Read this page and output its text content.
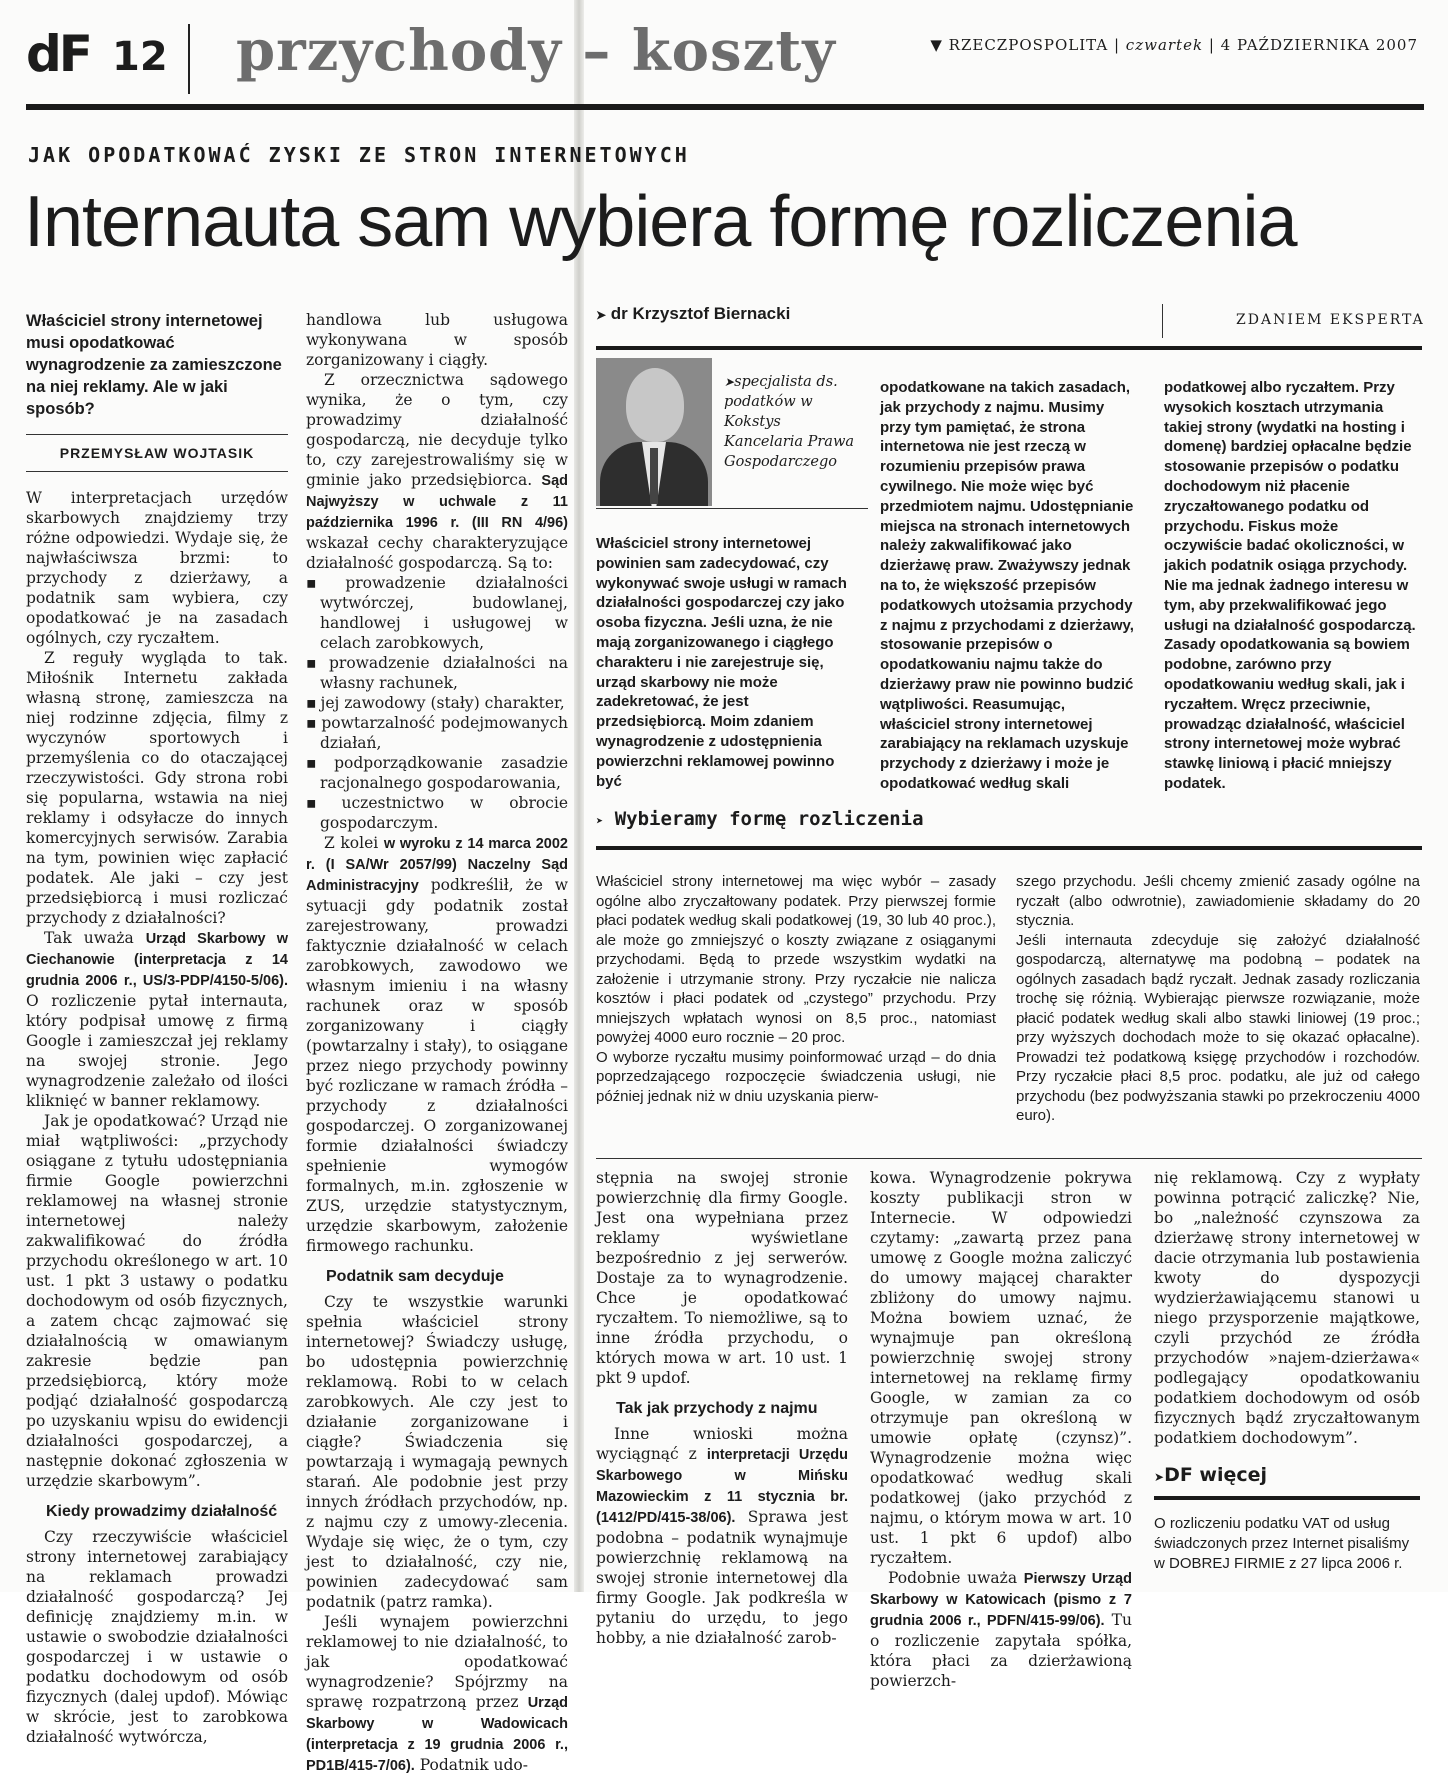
dF 12 przychody – koszty	▼ RZECZPOSPOLITA | czwartek | 4 PAŹDZIERNIKA 2007
JAK OPODATKOWAĆ ZYSKI ZE STRON INTERNETOWYCH
Internauta sam wybiera formę rozliczenia
Właściciel strony internetowej musi opodatkować wynagrodzenie za zamieszczone na niej reklamy. Ale w jaki sposób?
PRZEMYSŁAW WOJTASIK

W interpretacjach urzędów skarbowych znajdziemy trzy różne odpowiedzi. Wydaje się, że najwłaściwsza brzmi: to przychody z dzierżawy, a podatnik sam wybiera, czy opodatkować je na zasadach ogólnych, czy ryczałtem.

Z reguły wygląda to tak. Miłośnik Internetu zakłada własną stronę, zamieszcza na niej rodzinne zdjęcia, filmy z wyczynów sportowych i przemyślenia co do otaczającej rzeczywistości. Gdy strona robi się popularna, wstawia na niej reklamy i odsyłacze do innych komercyjnych serwisów. Zarabia na tym, powinien więc zapłacić podatek. Ale jaki – czy jest przedsiębiorcą i musi rozliczać przychody z działalności?

Tak uważa Urząd Skarbowy w Ciechanowie (interpretacja z 14 grudnia 2006 r., US/3-PDP/4150-5/06). O rozliczenie pytał internauta, który podpisał umowę z firmą Google i zamieszczał jej reklamy na swojej stronie. Jego wynagrodzenie zależało od ilości kliknięć w banner reklamowy.

Jak je opodatkować? Urząd nie miał wątpliwości: „przychody osiągane z tytułu udostępniania firmie Google powierzchni reklamowej na własnej stronie internetowej należy zakwalifikować do źródła przychodu określonego w art. 10 ust. 1 pkt 3 ustawy o podatku dochodowym od osób fizycznych, a zatem chcąc zajmować się działalnością w omawianym zakresie będzie pan przedsiębiorcą, który może podjąć działalność gospodarczą po uzyskaniu wpisu do ewidencji działalności gospodarczej, a następnie dokonać zgłoszenia w urzędzie skarbowym”.

Kiedy prowadzimy działalność

Czy rzeczywiście właściciel strony internetowej zarabiający na reklamach prowadzi działalność gospodarczą? Jej definicję znajdziemy m.in. w ustawie o swobodzie działalności gospodarczej i w ustawie o podatku dochodowym od osób fizycznych (dalej updof). Mówiąc w skrócie, jest to zarobkowa działalność wytwórcza,

handlowa lub usługowa wykonywana w sposób zorganizowany i ciągły.

Z orzecznictwa sądowego wynika, że o tym, czy prowadzimy działalność gospodarczą, nie decyduje tylko to, czy zarejestrowaliśmy się w gminie jako przedsiębiorca. Sąd Najwyższy w uchwale z 11 października 1996 r. (III RN 4/96) wskazał cechy charakteryzujące działalność gospodarczą. Są to:

▪ prowadzenie działalności wytwórczej, budowlanej, handlowej i usługowej w celach zarobkowych,
▪ prowadzenie działalności na własny rachunek,
▪ jej zawodowy (stały) charakter,
▪ powtarzalność podejmowanych działań,
▪ podporządkowanie zasadzie racjonalnego gospodarowania,
▪ uczestnictwo w obrocie gospodarczym.

Z kolei w wyroku z 14 marca 2002 r. (I SA/Wr 2057/99) Naczelny Sąd Administracyjny podkreślił, że w sytuacji gdy podatnik został zarejestrowany, prowadzi faktycznie działalność w celach zarobkowych, zawodowo we własnym imieniu i na własny rachunek oraz w sposób zorganizowany i ciągły (powtarzalny i stały), to osiągane przez niego przychody powinny być rozliczane w ramach źródła – przychody z działalności gospodarczej. O zorganizowanej formie działalności świadczy spełnienie wymogów formalnych, m.in. zgłoszenie w ZUS, urzędzie statystycznym, urzędzie skarbowym, założenie firmowego rachunku.

Podatnik sam decyduje

Czy te wszystkie warunki spełnia właściciel strony internetowej? Świadczy usługę, bo udostępnia powierzchnię reklamową. Robi to w celach zarobkowych. Ale czy jest to działanie zorganizowane i ciągłe? Świadczenia się powtarzają i wymagają pewnych starań. Ale podobnie jest przy innych źródłach przychodów, np. z najmu czy z umowy-zlecenia. Wydaje się więc, że o tym, czy jest to działalność, czy nie, powinien zadecydować sam podatnik (patrz ramka).

Jeśli wynajem powierzchni reklamowej to nie działalność, to jak opodatkować wynagrodzenie? Spójrzmy na sprawę rozpatrzoną przez Urząd Skarbowy w Wadowicach (interpretacja z 19 grudnia 2006 r., PD1B/415-7/06). Podatnik udo-

➤ dr Krzysztof Biernacki	ZDANIEM EKSPERTA
➤specjalista ds. podatków w Kokstys Kancelaria Prawa Gospodarczego

Właściciel strony internetowej powinien sam zadecydować, czy wykonywać swoje usługi w ramach działalności gospodarczej czy jako osoba fizyczna. Jeśli uzna, że nie mają zorganizowanego i ciągłego charakteru i nie zarejestruje się, urząd skarbowy nie może zadekretować, że jest przedsiębiorcą. Moim zdaniem wynagrodzenie z udostępnienia powierzchni reklamowej powinno być

opodatkowane na takich zasadach, jak przychody z najmu. Musimy przy tym pamiętać, że strona internetowa nie jest rzeczą w rozumieniu przepisów prawa cywilnego. Nie może więc być przedmiotem najmu. Udostępnianie miejsca na stronach internetowych należy zakwalifikować jako dzierżawę praw. Zważywszy jednak na to, że większość przepisów podatkowych utożsamia przychody z najmu z przychodami z dzierżawy, stosowanie przepisów o opodatkowaniu najmu także do dzierżawy praw nie powinno budzić wątpliwości. Reasumując, właściciel strony internetowej zarabiający na reklamach uzyskuje przychody z dzierżawy i może je opodatkować według skali

podatkowej albo ryczałtem. Przy wysokich kosztach utrzymania takiej strony (wydatki na hosting i domenę) bardziej opłacalne będzie stosowanie przepisów o podatku dochodowym niż płacenie zryczałtowanego podatku od przychodu. Fiskus może oczywiście badać okoliczności, w jakich podatnik osiąga przychody. Nie ma jednak żadnego interesu w tym, aby przekwalifikować jego usługi na działalność gospodarczą. Zasady opodatkowania są bowiem podobne, zarówno przy opodatkowaniu według skali, jak i ryczałtem. Wręcz przeciwnie, prowadząc działalność, właściciel strony internetowej może wybrać stawkę liniową i płacić mniejszy podatek.

➤ Wybieramy formę rozliczenia

Właściciel strony internetowej ma więc wybór – zasady ogólne albo zryczałtowany podatek. Przy pierwszej formie płaci podatek według skali podatkowej (19, 30 lub 40 proc.), ale może go zmniejszyć o koszty związane z osiąganymi przychodami. Będą to przede wszystkim wydatki na założenie i utrzymanie strony. Przy ryczałcie nie nalicza kosztów i płaci podatek od „czystego” przychodu. Przy mniejszych wpłatach wynosi on 8,5 proc., natomiast powyżej 4000 euro rocznie – 20 proc.

O wyborze ryczałtu musimy poinformować urząd – do dnia poprzedzającego rozpoczęcie świadczenia usługi, nie później jednak niż w dniu uzyskania pierw-

szego przychodu. Jeśli chcemy zmienić zasady ogólne na ryczałt (albo odwrotnie), zawiadomienie składamy do 20 stycznia.

Jeśli internauta zdecyduje się założyć działalność gospodarczą, alternatywę ma podobną – podatek na ogólnych zasadach bądź ryczałt. Jednak zasady rozliczania trochę się różnią. Wybierając pierwsze rozwiązanie, może płacić podatek według skali albo stawki liniowej (19 proc.; przy wyższych dochodach może to się okazać opłacalne). Prowadzi też podatkową księgę przychodów i rozchodów. Przy ryczałcie płaci 8,5 proc. podatku, ale już od całego przychodu (bez podwyższania stawki po przekroczeniu 4000 euro).

stępnia na swojej stronie powierzchnię dla firmy Google. Jest ona wypełniana przez reklamy wyświetlane bezpośrednio z jej serwerów. Dostaje za to wynagrodzenie. Chce je opodatkować ryczałtem. To niemożliwe, są to inne źródła przychodu, o których mowa w art. 10 ust. 1 pkt 9 updof.

Tak jak przychody z najmu

Inne wnioski można wyciągnąć z interpretacji Urzędu Skarbowego w Mińsku Mazowieckim z 11 stycznia br. (1412/PD/415-38/06). Sprawa jest podobna – podatnik wynajmuje powierzchnię reklamową na swojej stronie internetowej dla firmy Google. Jak podkreśla w pytaniu do urzędu, to jego hobby, a nie działalność zarob-

kowa. Wynagrodzenie pokrywa koszty publikacji stron w Internecie. W odpowiedzi czytamy: „zawartą przez pana umowę z Google można zaliczyć do umowy mającej charakter zbliżony do umowy najmu. Można bowiem uznać, że wynajmuje pan określoną powierzchnię swojej strony internetowej na reklamę firmy Google, w zamian za co otrzymuje pan określoną w umowie opłatę (czynsz)”. Wynagrodzenie można więc opodatkować według skali podatkowej (jako przychód z najmu, o którym mowa w art. 10 ust. 1 pkt 6 updof) albo ryczałtem.

Podobnie uważa Pierwszy Urząd Skarbowy w Katowicach (pismo z 7 grudnia 2006 r., PDFN/415-99/06). Tu o rozliczenie zapytała spółka, która płaci za dzierżawioną powierzch-

nię reklamową. Czy z wypłaty powinna potrącić zaliczkę? Nie, bo „należność czynszowa za dzierżawę strony internetowej w dacie otrzymania lub postawienia kwoty do dyspozycji wydzierżawiającemu stanowi u niego przysporzenie majątkowe, czyli przychód ze źródła przychodów »najem-dzierżawa« podlegający opodatkowaniu podatkiem dochodowym od osób fizycznych bądź zryczałtowanym podatkiem dochodowym”.

➤DF więcej
O rozliczeniu podatku VAT od usług świadczonych przez Internet pisaliśmy w DOBREJ FIRMIE z 27 lipca 2006 r.
